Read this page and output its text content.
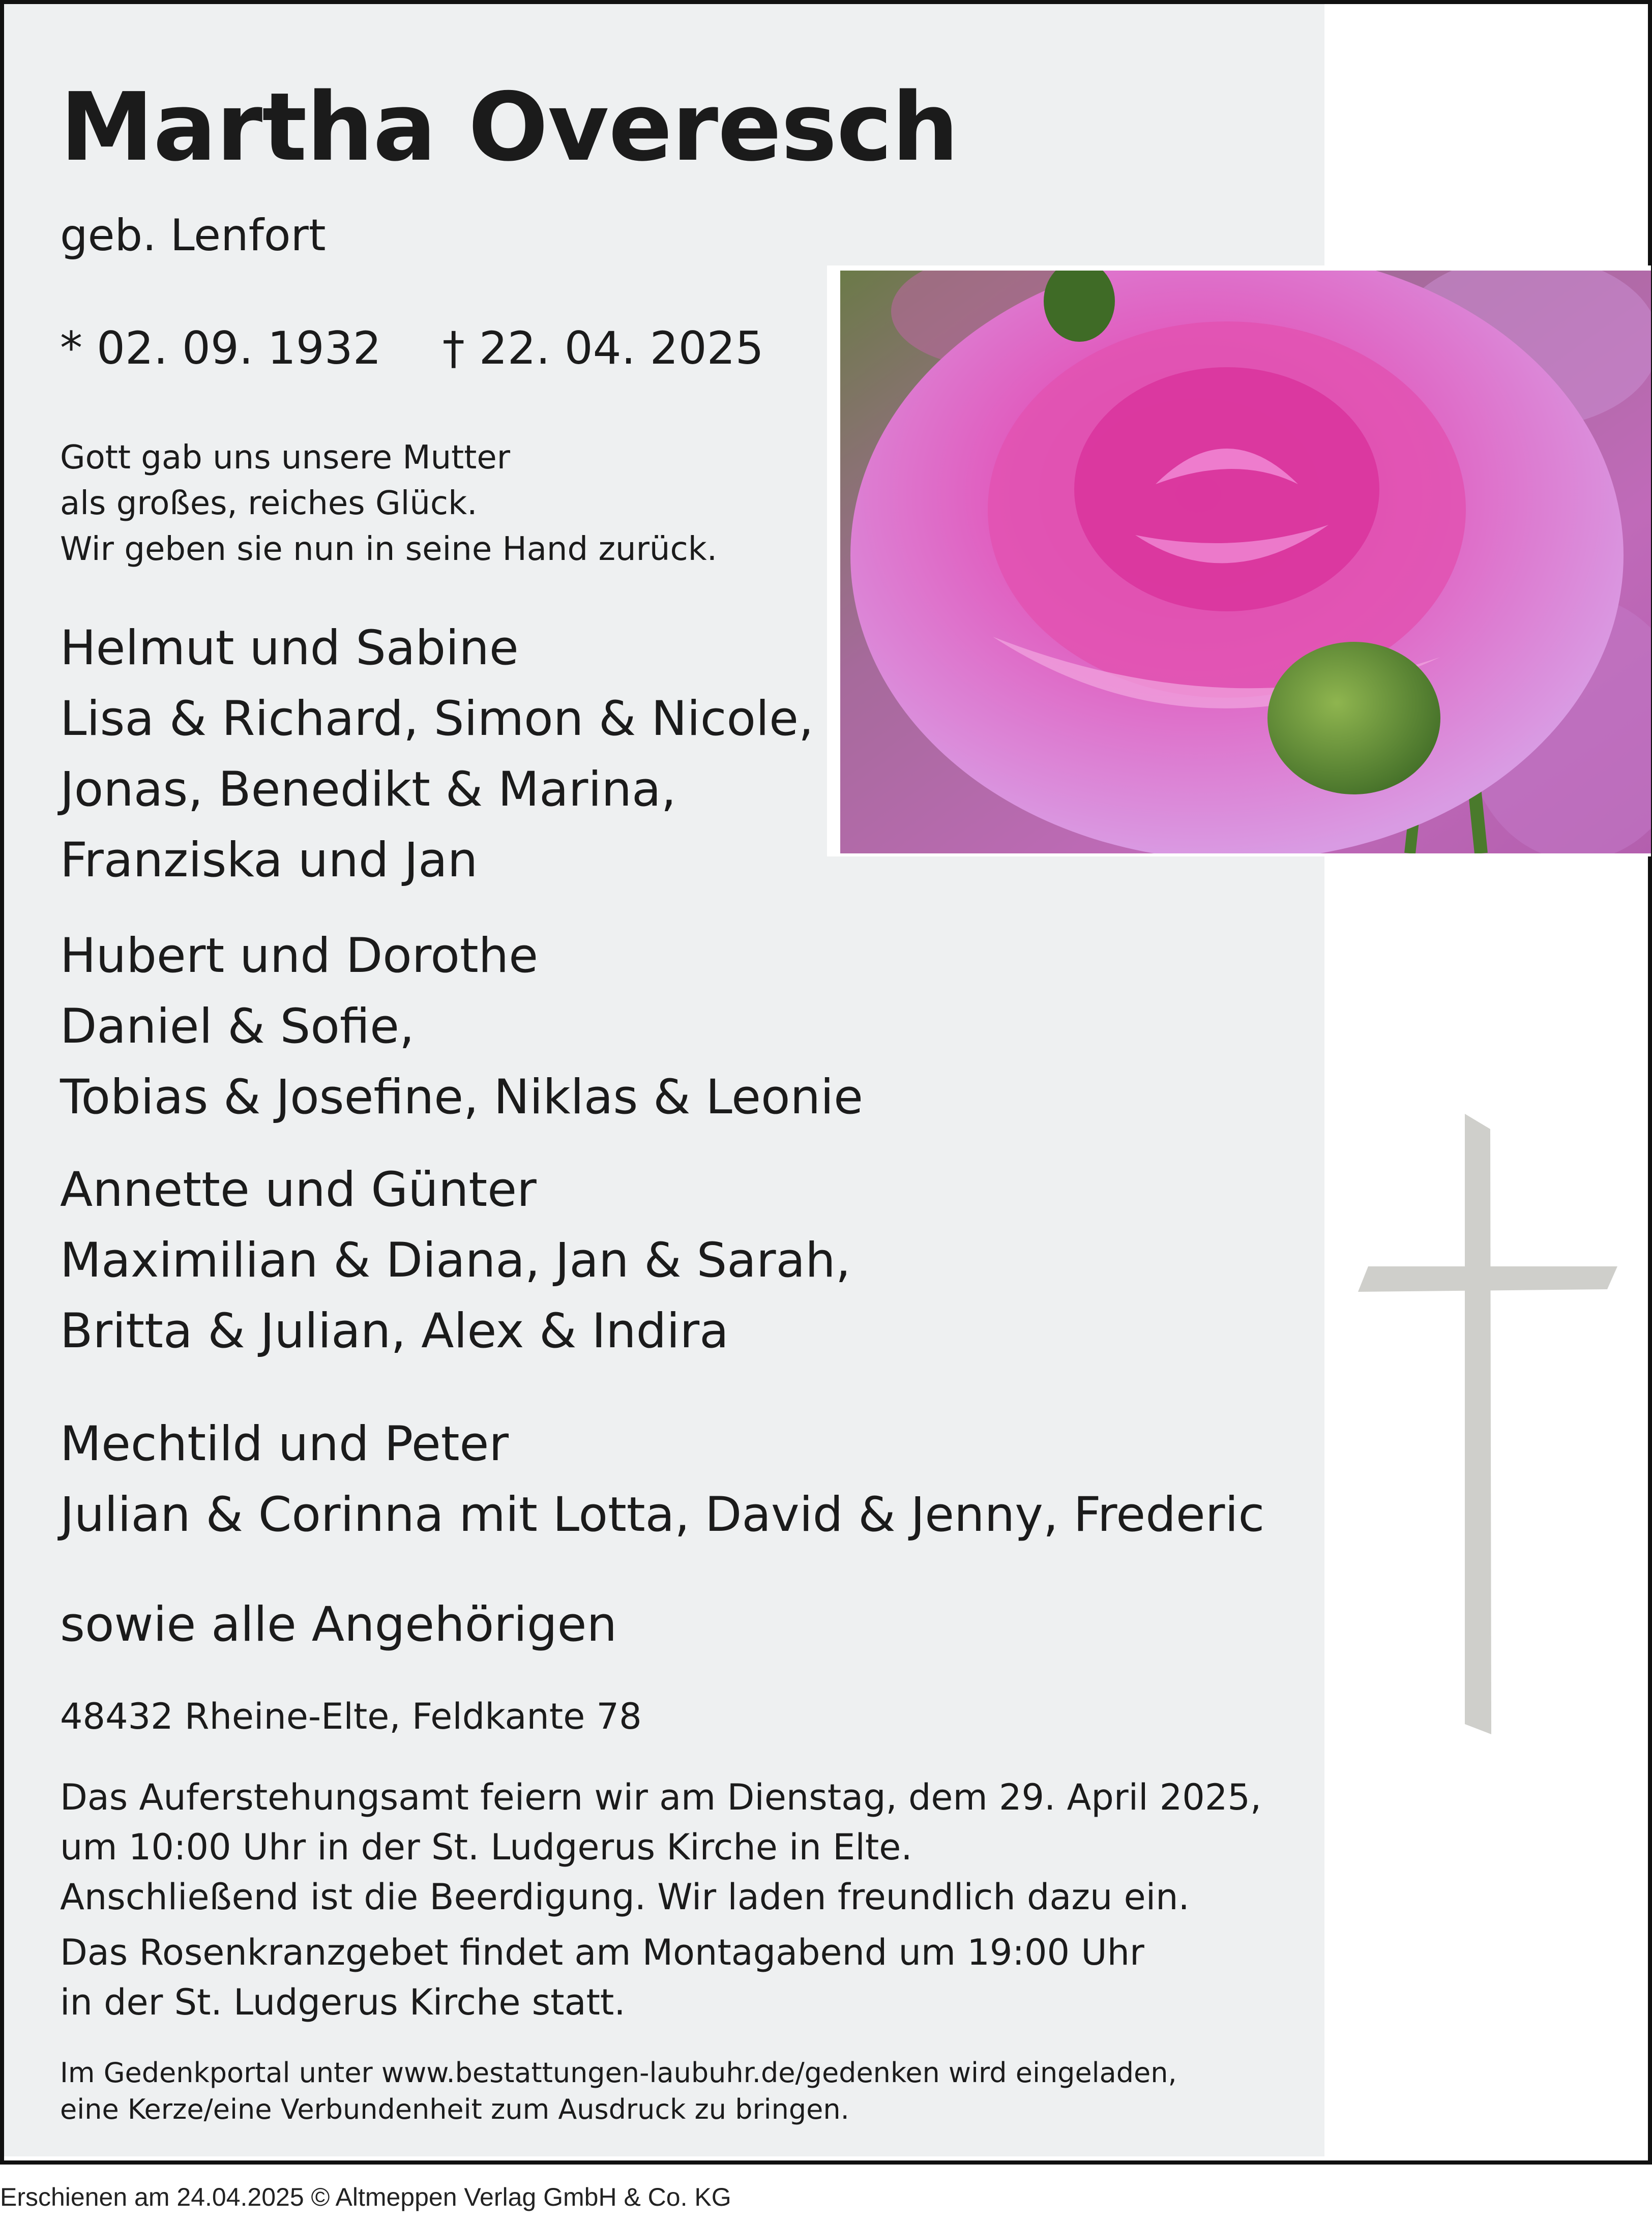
Martha Overesch
geb. Lenfort
* 02. 09. 1932 † 22. 04. 2025
Gott gab uns unsere Mutter
als großes, reiches Glück.
Wir geben sie nun in seine Hand zurück.
Helmut und Sabine
Lisa & Richard, Simon & Nicole,
Jonas, Benedikt & Marina,
Franziska und Jan
Hubert und Dorothe
Daniel & Sofie,
Tobias & Josefine, Niklas & Leonie
Annette und Günter
Maximilian & Diana, Jan & Sarah,
Britta & Julian, Alex & Indira
Mechtild und Peter
Julian & Corinna mit Lotta, David & Jenny, Frederic
sowie alle Angehörigen
48432 Rheine-Elte, Feldkante 78
Das Auferstehungsamt feiern wir am Dienstag, dem 29. April 2025,
um 10:00 Uhr in der St. Ludgerus Kirche in Elte.
Anschließend ist die Beerdigung. Wir laden freundlich dazu ein.
Das Rosenkranzgebet findet am Montagabend um 19:00 Uhr
in der St. Ludgerus Kirche statt.
Im Gedenkportal unter www.bestattungen-laubuhr.de/gedenken wird eingeladen,
eine Kerze/eine Verbundenheit zum Ausdruck zu bringen.
Erschienen am 24.04.2025 © Altmeppen Verlag GmbH & Co. KG
